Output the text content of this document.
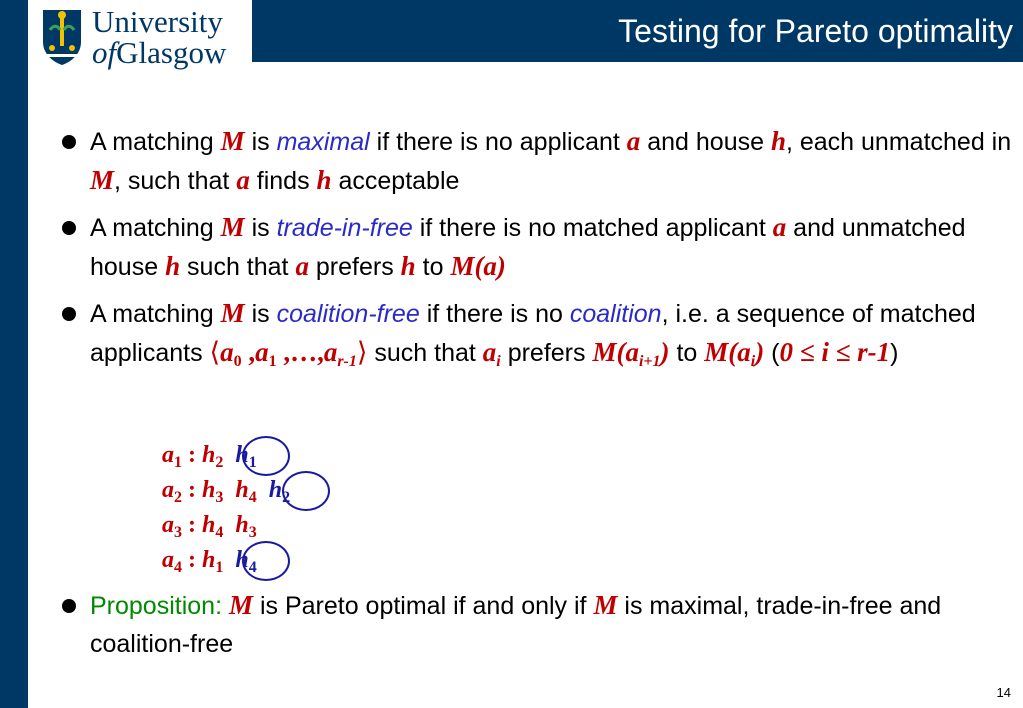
Testing for Pareto optimality
University
ofGlasgow
A matching M is maximal if there is no applicant a and house h, each unmatched in M, such that a finds h acceptable
A matching M is trade-in-free if there is no matched applicant a and unmatched house h such that a prefers h to M(a)
A matching M is coalition-free if there is no coalition, i.e. a sequence of matched applicants $⟨a_0$ $,a_1$ $,\dots,a_{r-1}⟩$ such that $a_i$ prefers $M(a_{i+1})$ to $M(a_i) (0 \le i \le r-1)$
$a_1$ : $h_2$ $h_1$
$a_2$ : $h_3$ $h_4$ $h_2$
$a_3$ : $h_4$ $h_3$
$a_4$ : $h_1$ $h_4$
Proposition: M is Pareto optimal if and only if M is maximal, trade-in-free and coalition-free
14
